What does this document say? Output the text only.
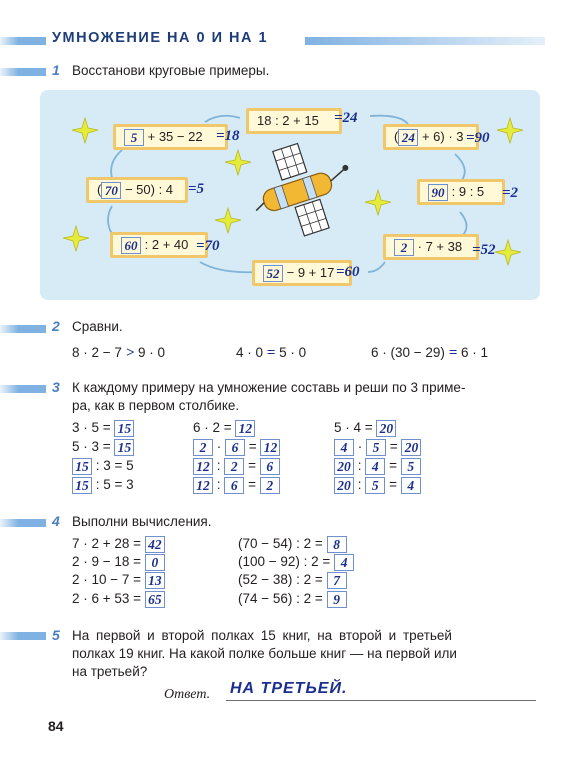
УМНОЖЕНИЕ НА 0 И НА 1
1 Восстанови круговые примеры.
5 + 35 − 22 =18
18 : 2 + 15	=24
( 24 + 6) · 3 =90
( 70 − 50) : 4 =5	90 : 9 : 5	=2
60 : 2 + 40 =70	2 · 7 + 38 =52
52 − 9 + 17 =60
2 Сравни.
8 · 2 − 7 > 9 · 0	4 · 0 = 5 · 0	6 · (30 − 29) = 6 · 1
3 К каждому примеру на умножение составь и реши по 3 приме-
ра, как в первом столбике.
3 · 5 = 15
5 · 3 = 15
15 : 3 = 5
15 : 5 = 3
6 · 2 = 12
2 · 6 = 12
12 : 2 = 6
12 : 6 = 2
5 · 4 = 20
4 · 5 = 20
20 : 4 = 5
20 : 5 = 4
4 Выполни вычисления.
7 · 2 + 28 = 42
2 · 9 − 18 = 0
2 · 10 − 7 = 13
2 · 6 + 53 = 65
(70 − 54) : 2 = 8
(100 − 92) : 2 = 4
(52 − 38) : 2 = 7
(74 − 56) : 2 = 9
5 На первой и второй полках 15 книг, на второй и третьей
полках 19 книг. На какой полке больше книг — на первой или
на третьей?
Ответ. НА ТРЕТЬЕЙ.
84
